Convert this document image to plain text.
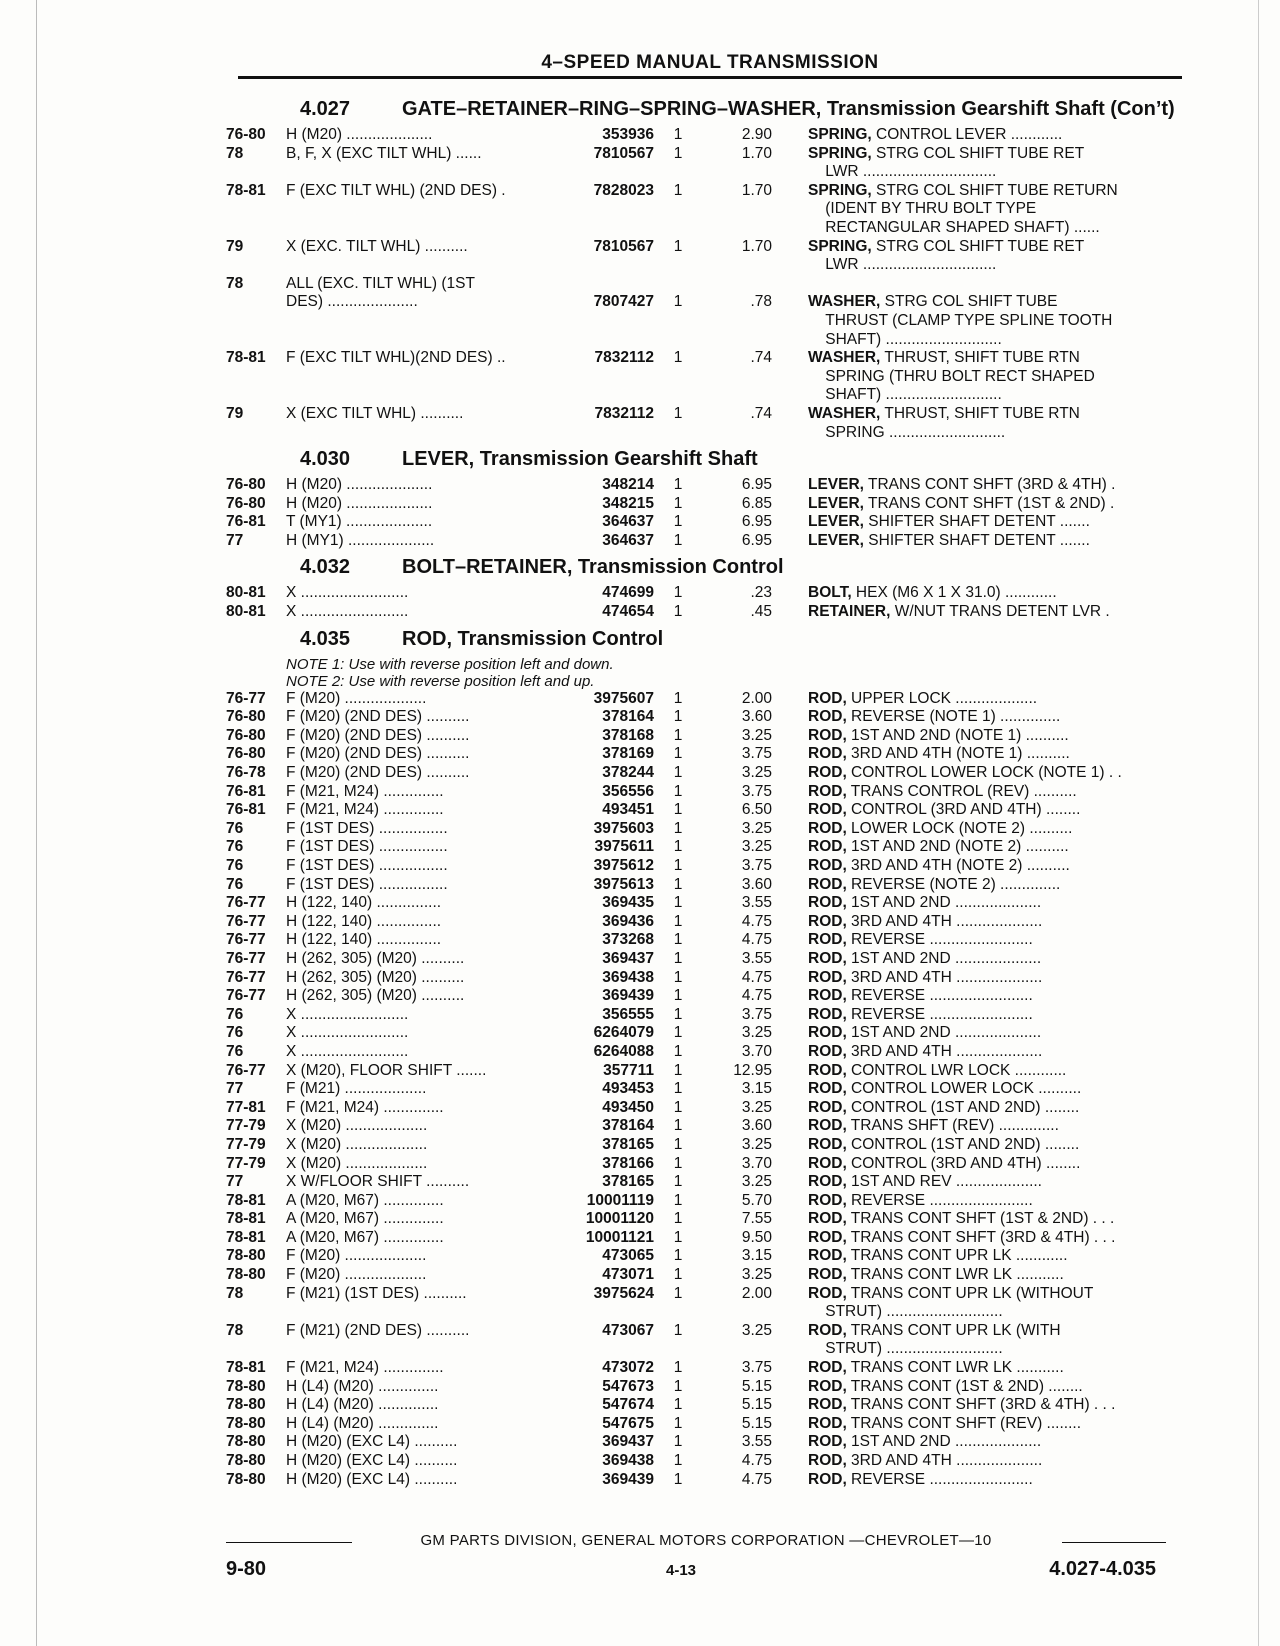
4–SPEED MANUAL TRANSMISSION
4.027	GATE–RETAINER–RING–SPRING–WASHER, Transmission Gearshift Shaft (Con’t)
76-80	H (M20) ....................	353936	1	2.90	SPRING, CONTROL LEVER ............
78	B, F, X (EXC TILT WHL) ......	7810567	1	1.70	SPRING, STRG COL SHIFT TUBE RET
LWR ...............................
78-81	F (EXC TILT WHL) (2ND DES) .	7828023	1	1.70	SPRING, STRG COL SHIFT TUBE RETURN
(IDENT BY THRU BOLT TYPE
RECTANGULAR SHAPED SHAFT) ......
79	X (EXC. TILT WHL) ..........	7810567	1	1.70	SPRING, STRG COL SHIFT TUBE RET
LWR ...............................
78	ALL (EXC. TILT WHL) (1ST
DES) .....................	7807427	1	.78	WASHER, STRG COL SHIFT TUBE
THRUST (CLAMP TYPE SPLINE TOOTH
SHAFT) ...........................
78-81	F (EXC TILT WHL)(2ND DES) ..	7832112	1	.74	WASHER, THRUST, SHIFT TUBE RTN
SPRING (THRU BOLT RECT SHAPED
SHAFT) ...........................
79	X (EXC TILT WHL) ..........	7832112	1	.74	WASHER, THRUST, SHIFT TUBE RTN
SPRING ...........................
4.030	LEVER, Transmission Gearshift Shaft
76-80	H (M20) ....................	348214	1	6.95	LEVER, TRANS CONT SHFT (3RD & 4TH) .
76-80	H (M20) ....................	348215	1	6.85	LEVER, TRANS CONT SHFT (1ST & 2ND) .
76-81	T (MY1) ....................	364637	1	6.95	LEVER, SHIFTER SHAFT DETENT .......
77	H (MY1) ....................	364637	1	6.95	LEVER, SHIFTER SHAFT DETENT .......
4.032	BOLT–RETAINER, Transmission Control
80-81	X .........................	474699	1	.23	BOLT, HEX (M6 X 1 X 31.0) ............
80-81	X .........................	474654	1	.45	RETAINER, W/NUT TRANS DETENT LVR .
4.035	ROD, Transmission Control
NOTE 1: Use with reverse position left and down.
NOTE 2: Use with reverse position left and up.
76-77	F (M20) ...................	3975607	1	2.00	ROD, UPPER LOCK ...................
76-80	F (M20) (2ND DES) ..........	378164	1	3.60	ROD, REVERSE (NOTE 1) ..............
76-80	F (M20) (2ND DES) ..........	378168	1	3.25	ROD, 1ST AND 2ND (NOTE 1) ..........
76-80	F (M20) (2ND DES) ..........	378169	1	3.75	ROD, 3RD AND 4TH (NOTE 1) ..........
76-78	F (M20) (2ND DES) ..........	378244	1	3.25	ROD, CONTROL LOWER LOCK (NOTE 1) . .
76-81	F (M21, M24) ..............	356556	1	3.75	ROD, TRANS CONTROL (REV) ..........
76-81	F (M21, M24) ..............	493451	1	6.50	ROD, CONTROL (3RD AND 4TH) ........
76	F (1ST DES) ................	3975603	1	3.25	ROD, LOWER LOCK (NOTE 2) ..........
76	F (1ST DES) ................	3975611	1	3.25	ROD, 1ST AND 2ND (NOTE 2) ..........
76	F (1ST DES) ................	3975612	1	3.75	ROD, 3RD AND 4TH (NOTE 2) ..........
76	F (1ST DES) ................	3975613	1	3.60	ROD, REVERSE (NOTE 2) ..............
76-77	H (122, 140) ...............	369435	1	3.55	ROD, 1ST AND 2ND ....................
76-77	H (122, 140) ...............	369436	1	4.75	ROD, 3RD AND 4TH ....................
76-77	H (122, 140) ...............	373268	1	4.75	ROD, REVERSE ........................
76-77	H (262, 305) (M20) ..........	369437	1	3.55	ROD, 1ST AND 2ND ....................
76-77	H (262, 305) (M20) ..........	369438	1	4.75	ROD, 3RD AND 4TH ....................
76-77	H (262, 305) (M20) ..........	369439	1	4.75	ROD, REVERSE ........................
76	X .........................	356555	1	3.75	ROD, REVERSE ........................
76	X .........................	6264079	1	3.25	ROD, 1ST AND 2ND ....................
76	X .........................	6264088	1	3.70	ROD, 3RD AND 4TH ....................
76-77	X (M20), FLOOR SHIFT .......	357711	1	12.95	ROD, CONTROL LWR LOCK ............
77	F (M21) ...................	493453	1	3.15	ROD, CONTROL LOWER LOCK ..........
77-81	F (M21, M24) ..............	493450	1	3.25	ROD, CONTROL (1ST AND 2ND) ........
77-79	X (M20) ...................	378164	1	3.60	ROD, TRANS SHFT (REV) ..............
77-79	X (M20) ...................	378165	1	3.25	ROD, CONTROL (1ST AND 2ND) ........
77-79	X (M20) ...................	378166	1	3.70	ROD, CONTROL (3RD AND 4TH) ........
77	X W/FLOOR SHIFT ..........	378165	1	3.25	ROD, 1ST AND REV ....................
78-81	A (M20, M67) ..............	10001119	1	5.70	ROD, REVERSE ........................
78-81	A (M20, M67) ..............	10001120	1	7.55	ROD, TRANS CONT SHFT (1ST & 2ND) . . .
78-81	A (M20, M67) ..............	10001121	1	9.50	ROD, TRANS CONT SHFT (3RD & 4TH) . . .
78-80	F (M20) ...................	473065	1	3.15	ROD, TRANS CONT UPR LK ............
78-80	F (M20) ...................	473071	1	3.25	ROD, TRANS CONT LWR LK ...........
78	F (M21) (1ST DES) ..........	3975624	1	2.00	ROD, TRANS CONT UPR LK (WITHOUT
STRUT) ...........................
78	F (M21) (2ND DES) ..........	473067	1	3.25	ROD, TRANS CONT UPR LK (WITH
STRUT) ...........................
78-81	F (M21, M24) ..............	473072	1	3.75	ROD, TRANS CONT LWR LK ...........
78-80	H (L4) (M20) ..............	547673	1	5.15	ROD, TRANS CONT (1ST & 2ND) ........
78-80	H (L4) (M20) ..............	547674	1	5.15	ROD, TRANS CONT SHFT (3RD & 4TH) . . .
78-80	H (L4) (M20) ..............	547675	1	5.15	ROD, TRANS CONT SHFT (REV) ........
78-80	H (M20) (EXC L4) ..........	369437	1	3.55	ROD, 1ST AND 2ND ....................
78-80	H (M20) (EXC L4) ..........	369438	1	4.75	ROD, 3RD AND 4TH ....................
78-80	H (M20) (EXC L4) ..........	369439	1	4.75	ROD, REVERSE ........................
GM PARTS DIVISION, GENERAL MOTORS CORPORATION —CHEVROLET—10
9-80	4-13	4.027-4.035
